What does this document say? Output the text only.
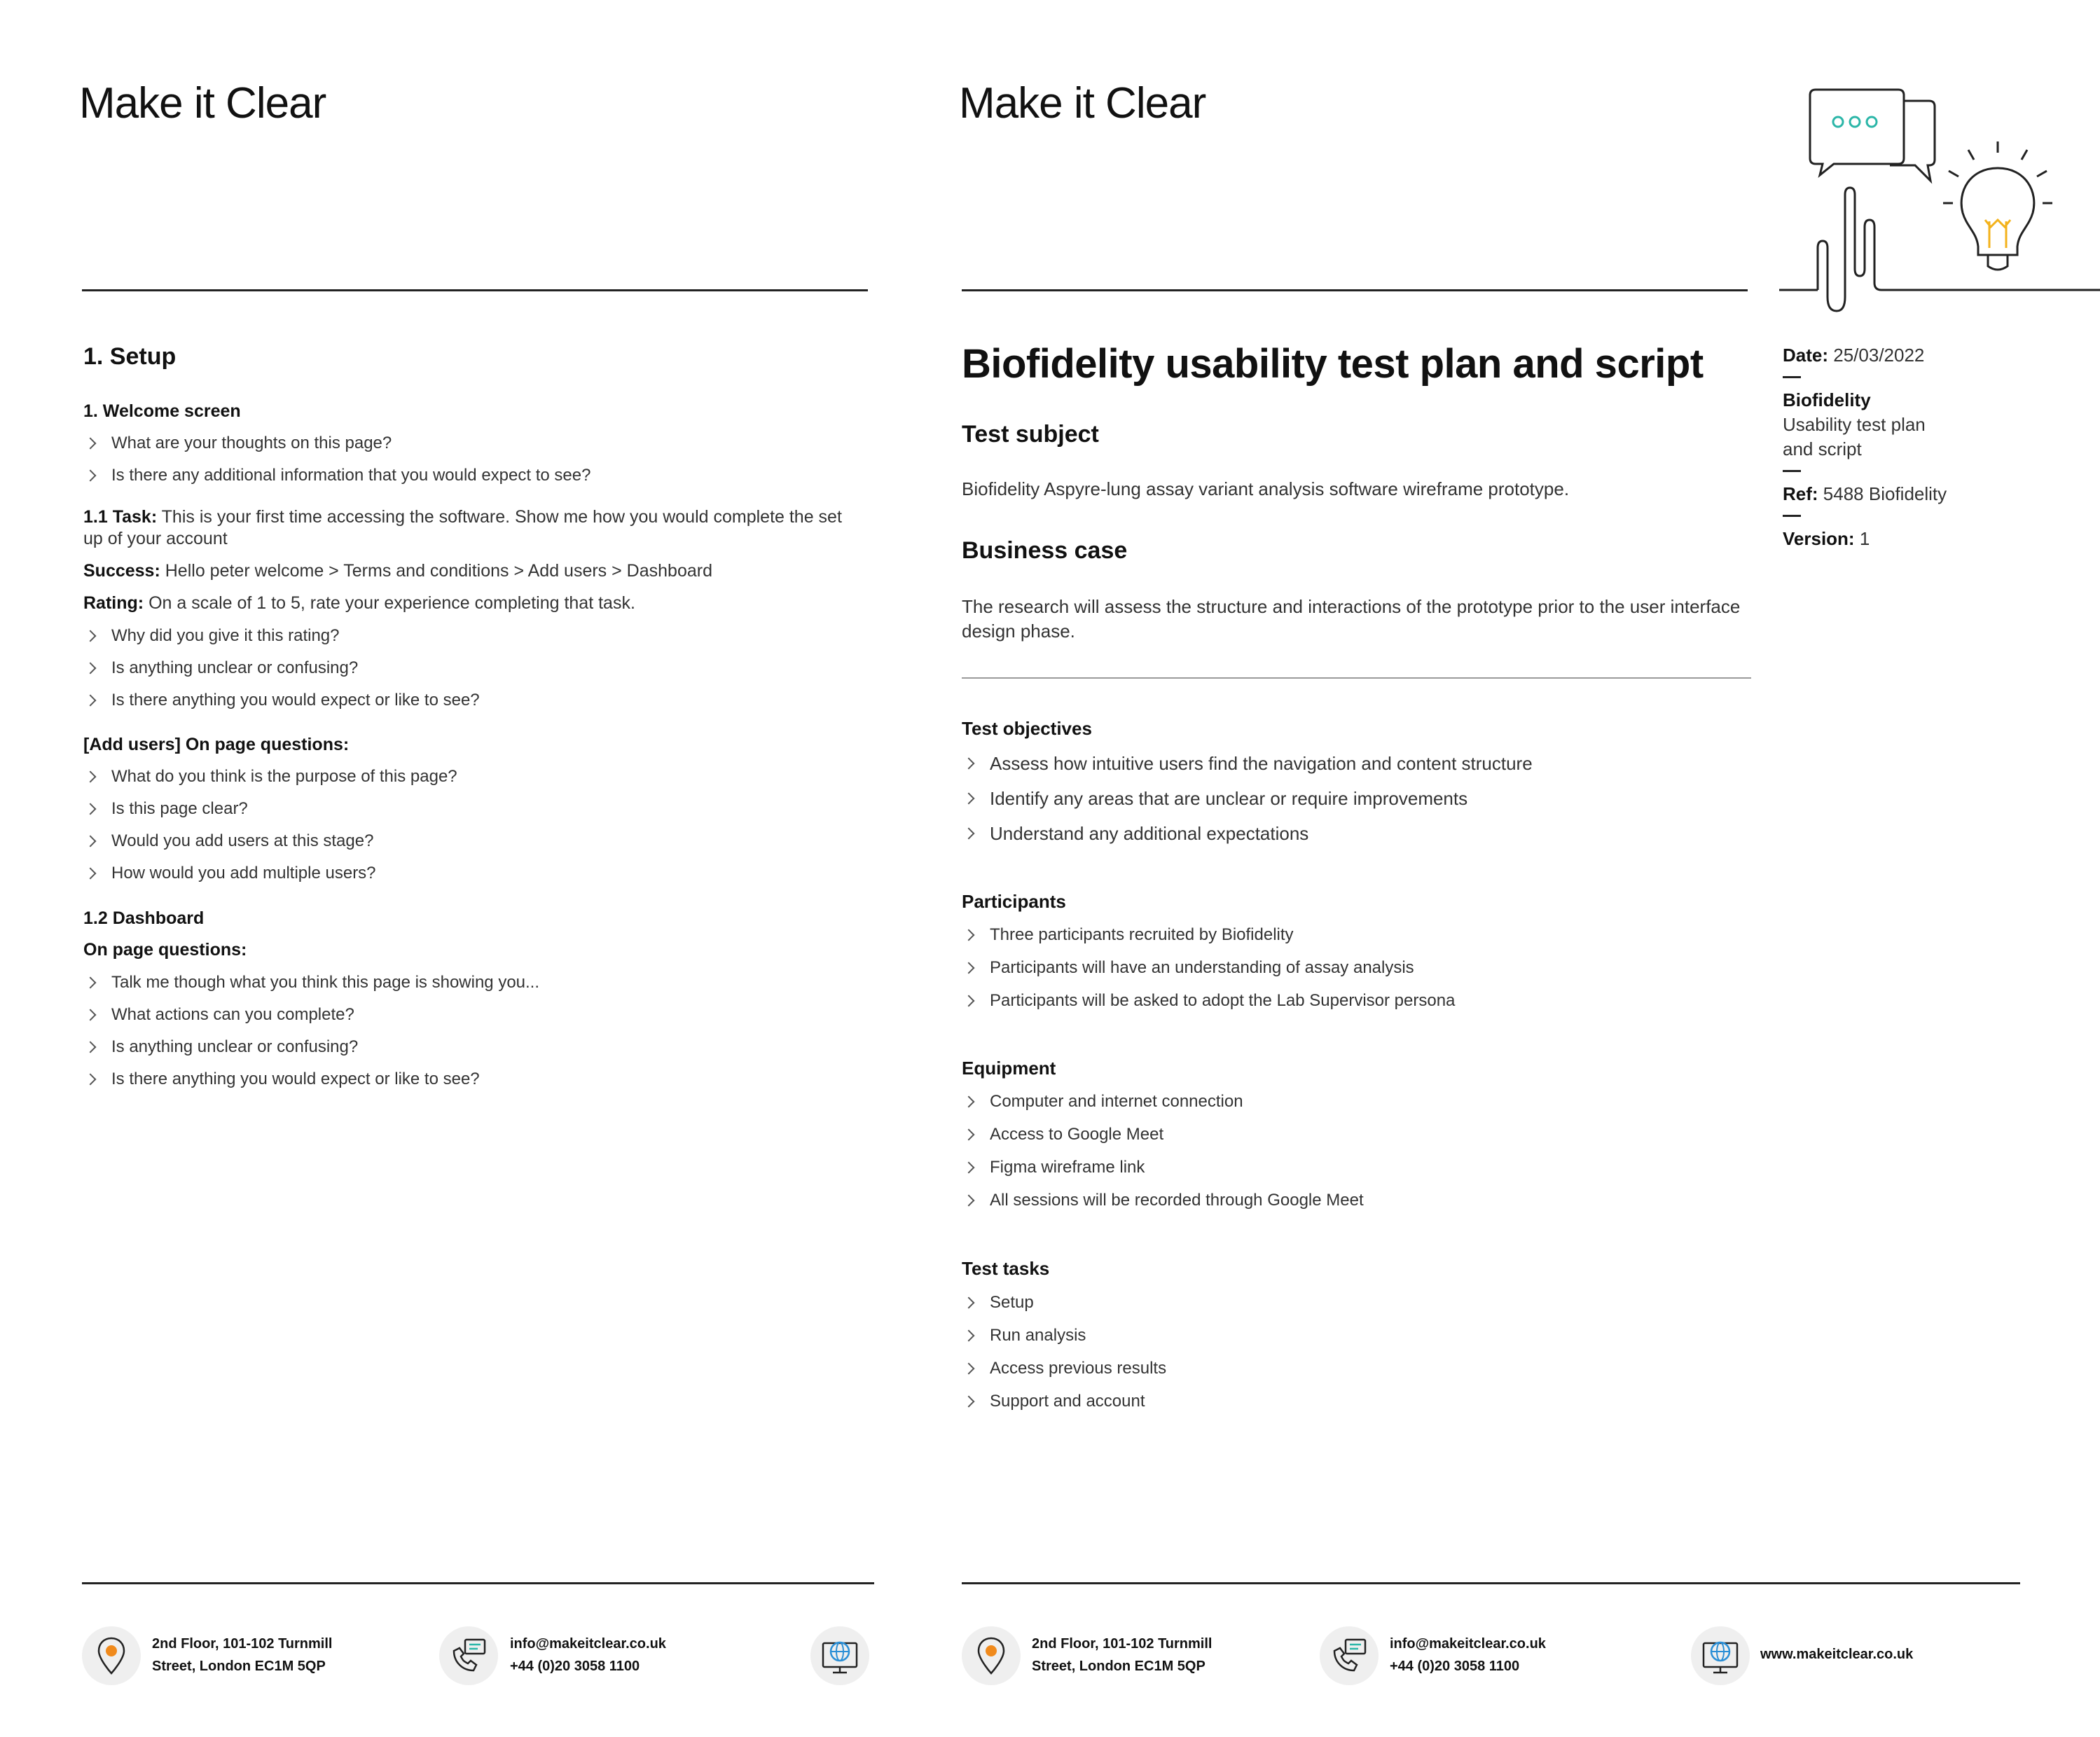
Make it Clear
1. Setup
1. Welcome screen
What are your thoughts on this page?
Is there any additional information that you would expect to see?
1.1 Task: This is your first time accessing the software. Show me how you would complete the set up of your account
Success: Hello peter welcome > Terms and conditions > Add users > Dashboard
Rating: On a scale of 1 to 5, rate your experience completing that task.
Why did you give it this rating?
Is anything unclear or confusing?
Is there anything you would expect or like to see?
[Add users] On page questions:
What do you think is the purpose of this page?
Is this page clear?
Would you add users at this stage?
How would you add multiple users?
1.2 Dashboard
On page questions:
Talk me though what you think this page is showing you...
What actions can you complete?
Is anything unclear or confusing?
Is there anything you would expect or like to see?
2nd Floor, 101-102 Turnmill
Street, London EC1M 5QP
info@makeitclear.co.uk
+44 (0)20 3058 1100
Make it Clear
Biofidelity usability test plan and script
Test subject
Biofidelity Aspyre-lung assay variant analysis software wireframe prototype.
Business case
The research will assess the structure and interactions of the prototype prior to the user interface design phase.
Test objectives
Assess how intuitive users find the navigation and content structure
Identify any areas that are unclear or require improvements
Understand any additional expectations
Participants
Three participants recruited by Biofidelity
Participants will have an understanding of assay analysis
Participants will be asked to adopt the Lab Supervisor persona
Equipment
Computer and internet connection
Access to Google Meet
Figma wireframe link
All sessions will be recorded through Google Meet
Test tasks
Setup
Run analysis
Access previous results
Support and account
Date: 25/03/2022
Biofidelity
Usability test plan
and script
Ref: 5488 Biofidelity
Version: 1
2nd Floor, 101-102 Turnmill
Street, London EC1M 5QP
info@makeitclear.co.uk
+44 (0)20 3058 1100
www.makeitclear.co.uk
